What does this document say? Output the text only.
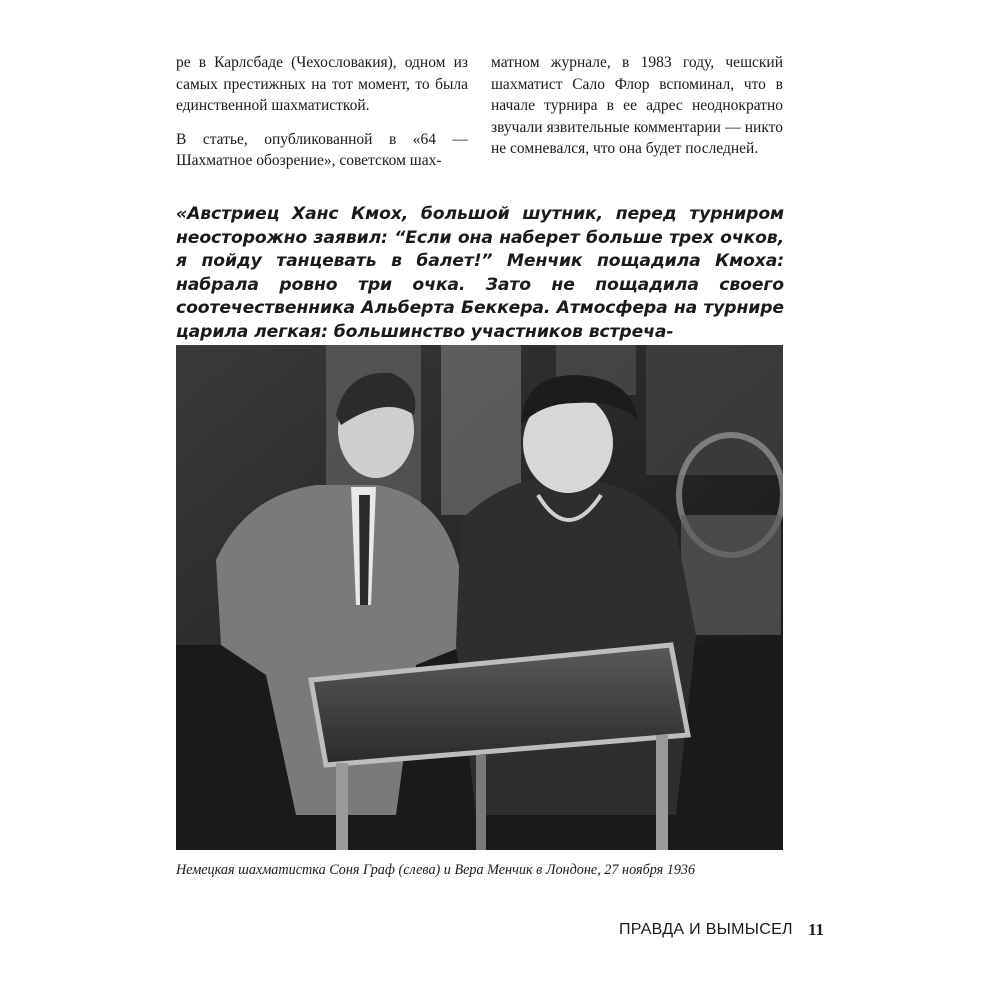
ре в Карлсбаде (Чехословакия), одном из самых престижных на тот момент, то была единственной шахматисткой.

В статье, опубликованной в «64 — Шахматное обозрение», советском шах-

матном журнале, в 1983 году, чешский шахматист Сало Флор вспоминал, что в начале турнира в ее адрес неоднократно звучали язвительные комментарии — никто не сомневался, что она будет последней.

«Австриец Ханс Кмох, большой шутник, перед турниром неосторожно заявил: “Если она наберет больше трех очков, я пойду танцевать в балет!” Менчик пощадила Кмоха: набрала ровно три очка. Зато не пощадила своего соотечественника Альберта Беккера. Атмосфера на турнире царила легкая: большинство участников встреча-

Немецкая шахматистка Соня Граф (слева) и Вера Менчик в Лондоне, 27 ноября 1936

ПРАВДА И ВЫМЫСЕЛ 11
